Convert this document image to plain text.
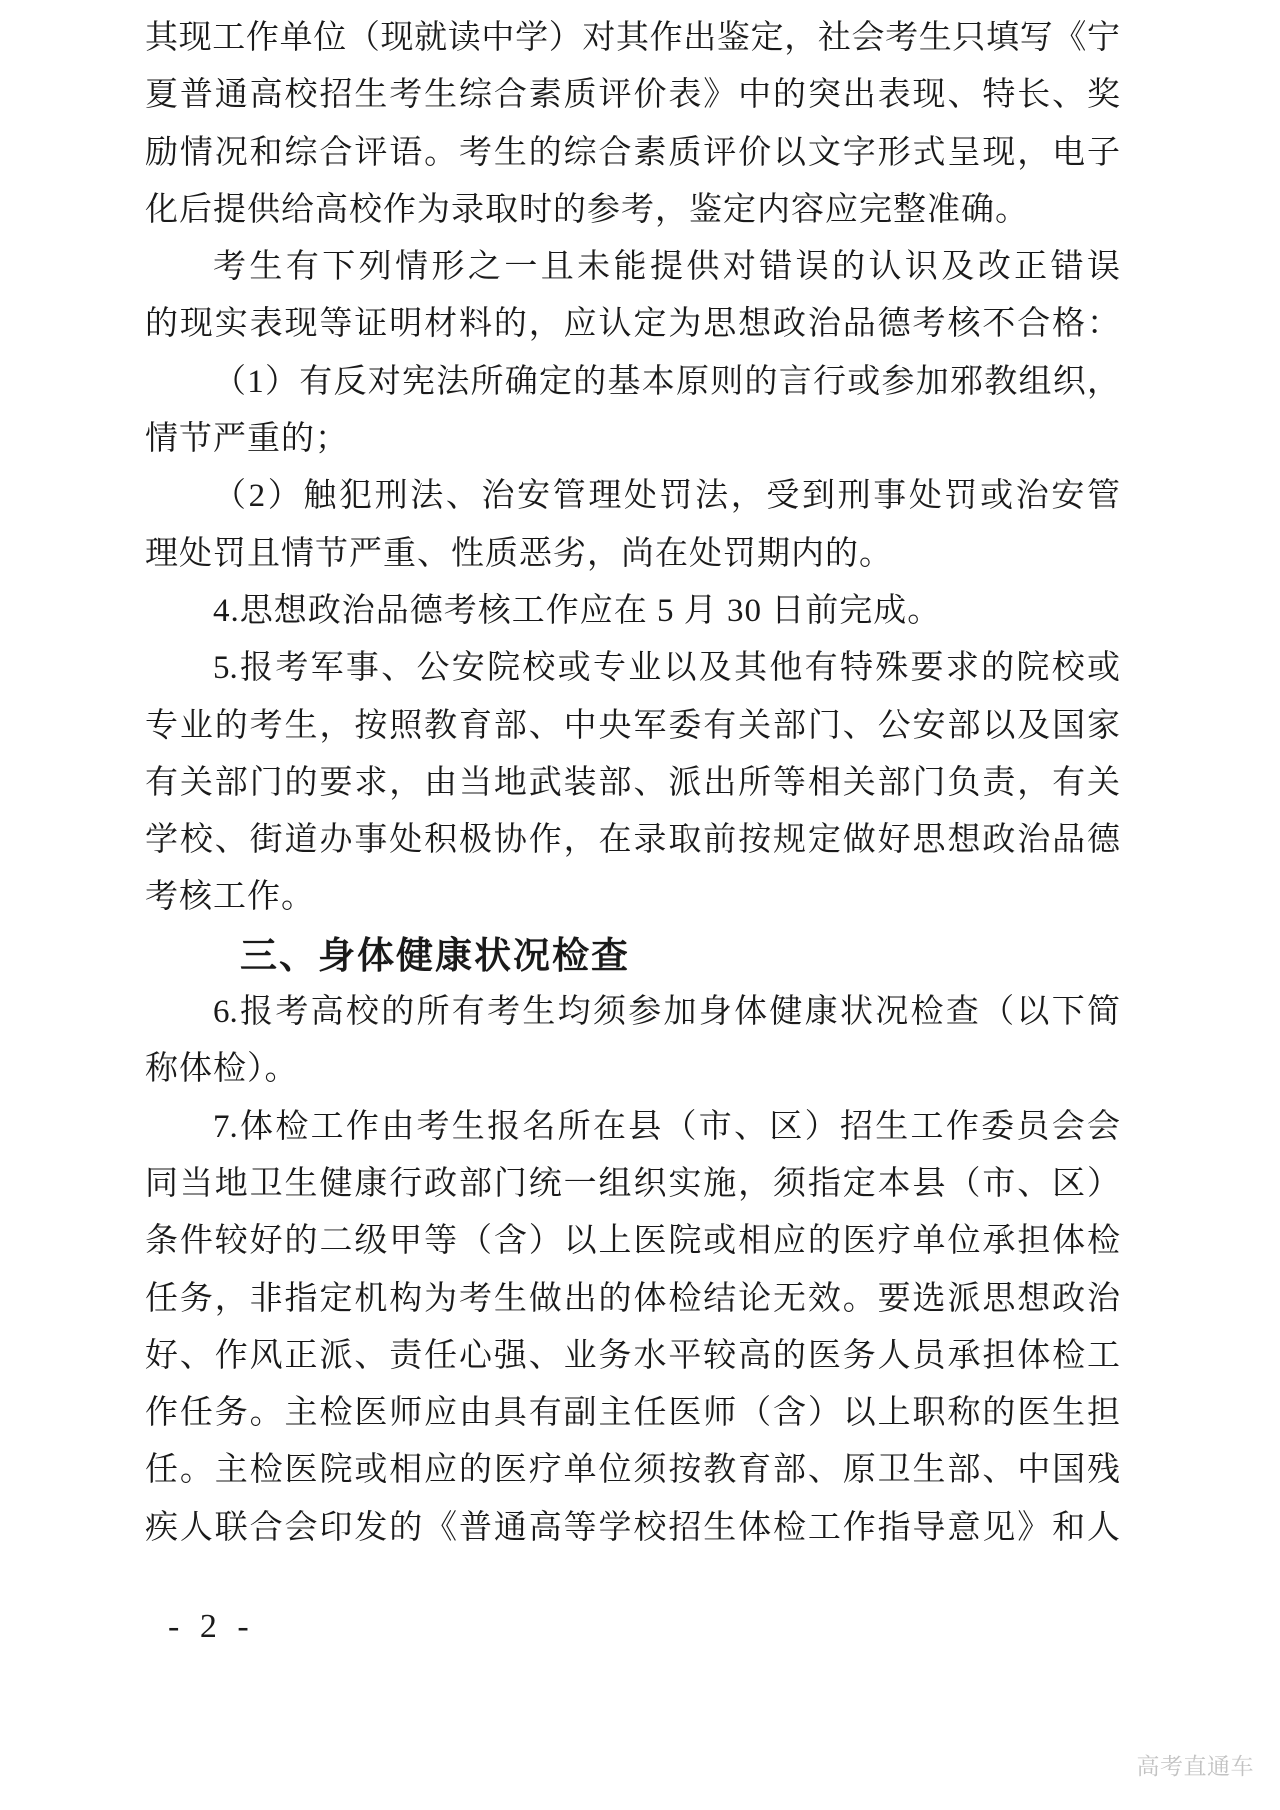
其现工作单位（现就读中学）对其作出鉴定，社会考生只填写《宁
夏普通高校招生考生综合素质评价表》中的突出表现、特长、奖
励情况和综合评语。考生的综合素质评价以文字形式呈现，电子
化后提供给高校作为录取时的参考，鉴定内容应完整准确。
考生有下列情形之一且未能提供对错误的认识及改正错误
的现实表现等证明材料的，应认定为思想政治品德考核不合格：
（1）有反对宪法所确定的基本原则的言行或参加邪教组织，
情节严重的；
（2）触犯刑法、治安管理处罚法，受到刑事处罚或治安管
理处罚且情节严重、性质恶劣，尚在处罚期内的。
4.思想政治品德考核工作应在 5 月 30 日前完成。
5.报考军事、公安院校或专业以及其他有特殊要求的院校或
专业的考生，按照教育部、中央军委有关部门、公安部以及国家
有关部门的要求，由当地武装部、派出所等相关部门负责，有关
学校、街道办事处积极协作，在录取前按规定做好思想政治品德
考核工作。
三、身体健康状况检查
6.报考高校的所有考生均须参加身体健康状况检查（以下简
称体检）。
7.体检工作由考生报名所在县（市、区）招生工作委员会会
同当地卫生健康行政部门统一组织实施，须指定本县（市、区）
条件较好的二级甲等（含）以上医院或相应的医疗单位承担体检
任务，非指定机构为考生做出的体检结论无效。要选派思想政治
好、作风正派、责任心强、业务水平较高的医务人员承担体检工
作任务。主检医师应由具有副主任医师（含）以上职称的医生担
任。主检医院或相应的医疗单位须按教育部、原卫生部、中国残
疾人联合会印发的《普通高等学校招生体检工作指导意见》和人
- 2 -
高考直通车
